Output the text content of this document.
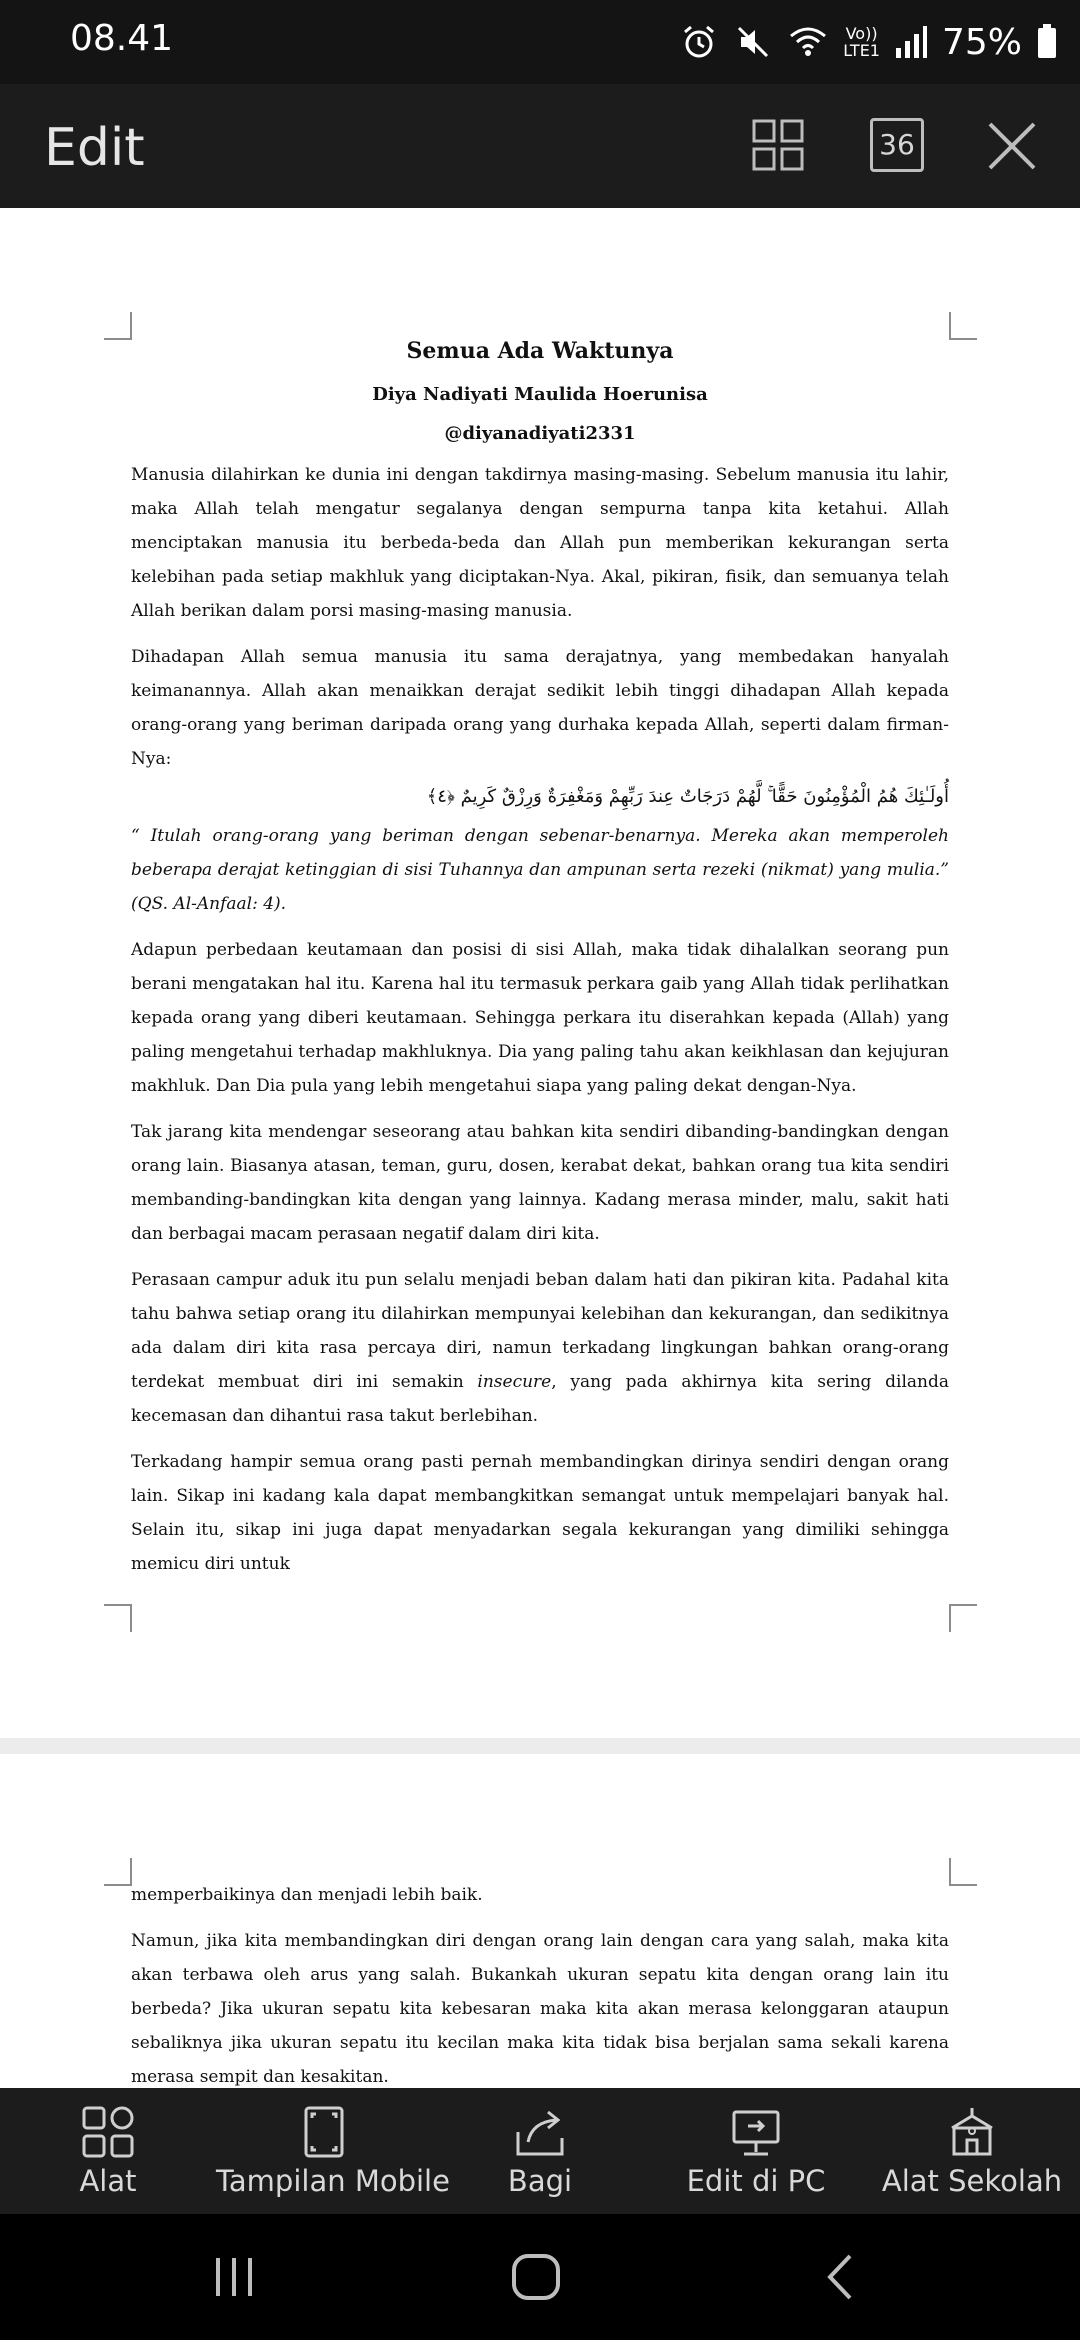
08.41	Vo))
LTE1 75%
Edit	36

Semua Ada Waktunya

Diya Nadiyati Maulida Hoerunisa

@diyanadiyati2331

Manusia dilahirkan ke dunia ini dengan takdirnya masing-masing. Sebelum manusia itu lahir, maka Allah telah mengatur segalanya dengan sempurna tanpa kita ketahui. Allah menciptakan manusia itu berbeda-beda dan Allah pun memberikan kekurangan serta kelebihan pada setiap makhluk yang diciptakan-Nya. Akal, pikiran, fisik, dan semuanya telah Allah berikan dalam porsi masing-masing manusia.

Dihadapan Allah semua manusia itu sama derajatnya, yang membedakan hanyalah keimanannya. Allah akan menaikkan derajat sedikit lebih tinggi dihadapan Allah kepada orang-orang yang beriman daripada orang yang durhaka kepada Allah, seperti dalam firman-Nya:

أُولَـٰئِكَ هُمُ الْمُؤْمِنُونَ حَقًّا ۚ لَّهُمْ دَرَجَاتٌ عِندَ رَبِّهِمْ وَمَغْفِرَةٌ وَرِزْقٌ كَرِيمٌ ﴿٤﴾

“ Itulah orang-orang yang beriman dengan sebenar-benarnya. Mereka akan memperoleh beberapa derajat ketinggian di sisi Tuhannya dan ampunan serta rezeki (nikmat) yang mulia.” (QS. Al-Anfaal: 4).

Adapun perbedaan keutamaan dan posisi di sisi Allah, maka tidak dihalalkan seorang pun berani mengatakan hal itu. Karena hal itu termasuk perkara gaib yang Allah tidak perlihatkan kepada orang yang diberi keutamaan. Sehingga perkara itu diserahkan kepada (Allah) yang paling mengetahui terhadap makhluknya. Dia yang paling tahu akan keikhlasan dan kejujuran makhluk. Dan Dia pula yang lebih mengetahui siapa yang paling dekat dengan-Nya.

Tak jarang kita mendengar seseorang atau bahkan kita sendiri dibanding-bandingkan dengan orang lain. Biasanya atasan, teman, guru, dosen, kerabat dekat, bahkan orang tua kita sendiri membanding-bandingkan kita dengan yang lainnya. Kadang merasa minder, malu, sakit hati dan berbagai macam perasaan negatif dalam diri kita.

Perasaan campur aduk itu pun selalu menjadi beban dalam hati dan pikiran kita. Padahal kita tahu bahwa setiap orang itu dilahirkan mempunyai kelebihan dan kekurangan, dan sedikitnya ada dalam diri kita rasa percaya diri, namun terkadang lingkungan bahkan orang-orang terdekat membuat diri ini semakin insecure, yang pada akhirnya kita sering dilanda kecemasan dan dihantui rasa takut berlebihan.

Terkadang hampir semua orang pasti pernah membandingkan dirinya sendiri dengan orang lain. Sikap ini kadang kala dapat membangkitkan semangat untuk mempelajari banyak hal. Selain itu, sikap ini juga dapat menyadarkan segala kekurangan yang dimiliki sehingga memicu diri untuk

memperbaikinya dan menjadi lebih baik.

Namun, jika kita membandingkan diri dengan orang lain dengan cara yang salah, maka kita akan terbawa oleh arus yang salah. Bukankah ukuran sepatu kita dengan orang lain itu berbeda? Jika ukuran sepatu kita kebesaran maka kita akan merasa kelonggaran ataupun sebaliknya jika ukuran sepatu itu kecilan maka kita tidak bisa berjalan sama sekali karena merasa sempit dan kesakitan.

Alat	Tampilan Mobile	Bagi	Edit di PC	Alat Sekolah
